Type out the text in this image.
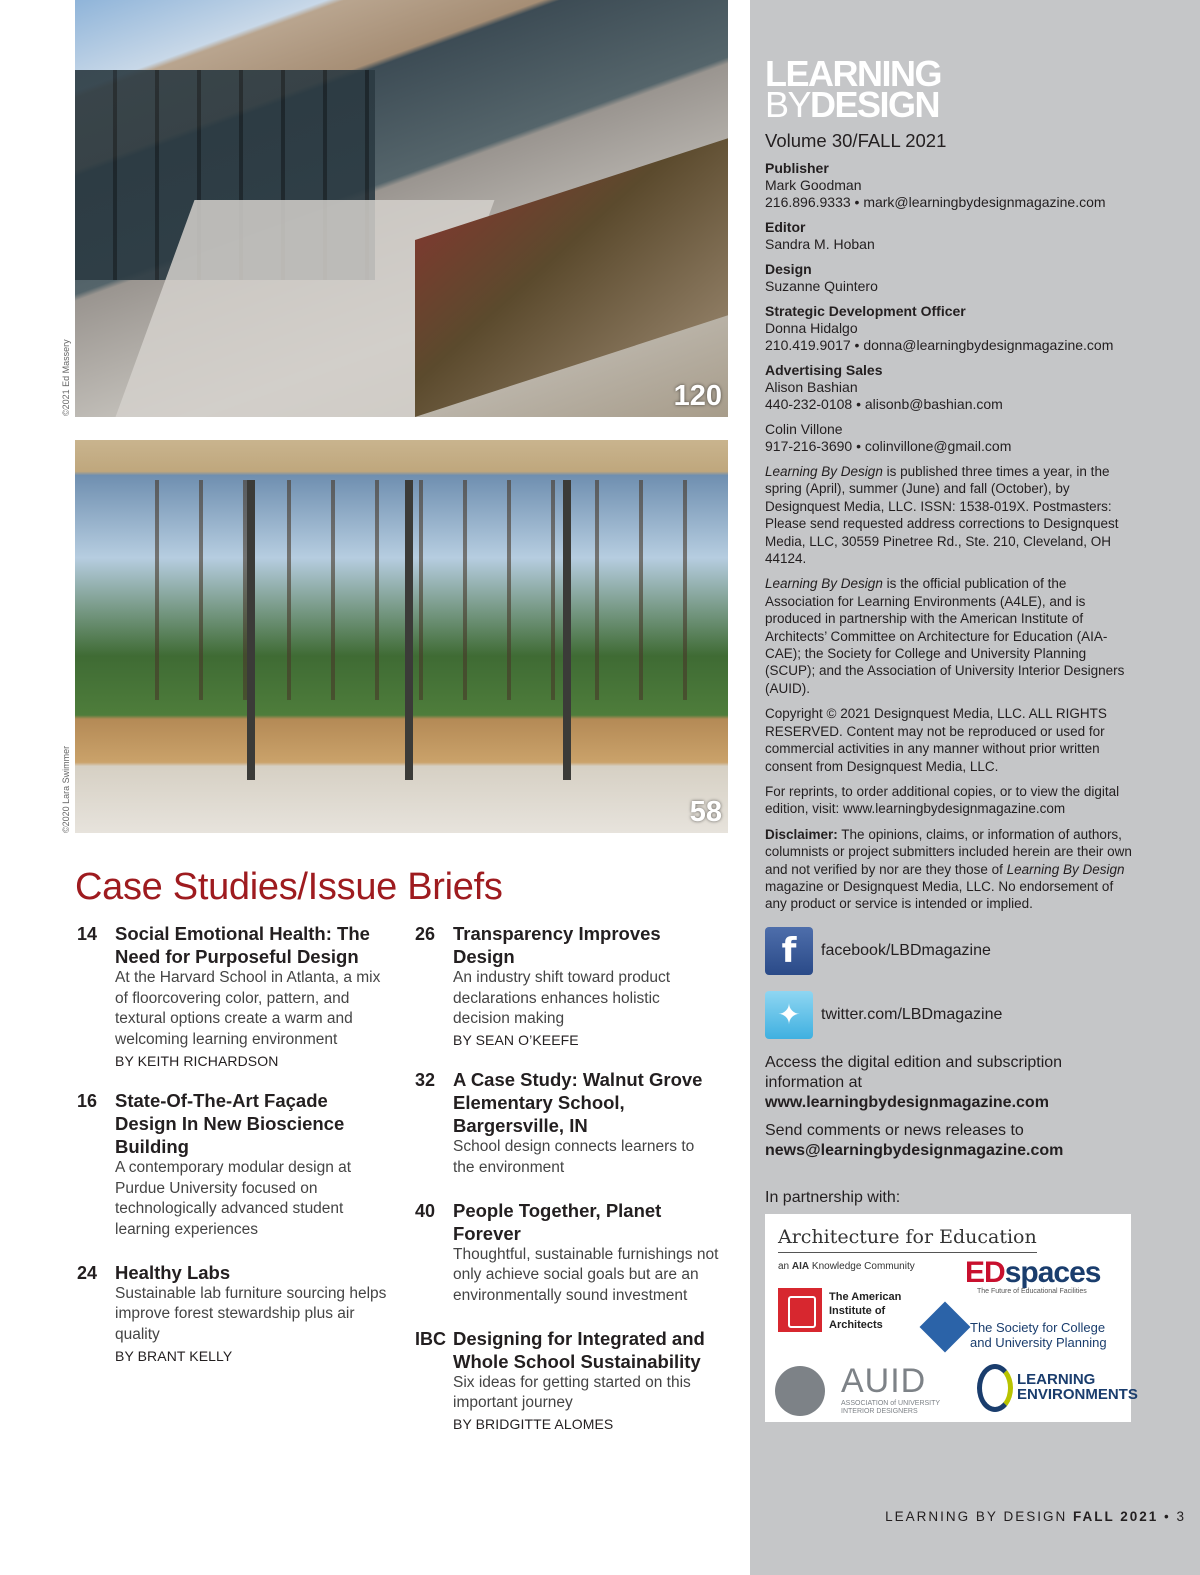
120
©2021 Ed Massery
58
©2020 Lara Swimmer
Case Studies/Issue Briefs
14 Social Emotional Health: The Need for Purposeful Design
At the Harvard School in Atlanta, a mix of floorcovering color, pattern, and textural options create a warm and welcoming learning environment
BY KEITH RICHARDSON
16 State-Of-The-Art Façade Design In New Bioscience Building
A contemporary modular design at Purdue University focused on technologically advanced student learning experiences
24 Healthy Labs
Sustainable lab furniture sourcing helps improve forest stewardship plus air quality
BY BRANT KELLY
26 Transparency Improves Design
An industry shift toward product declarations enhances holistic decision making
BY SEAN O’KEEFE
32 A Case Study: Walnut Grove Elementary School, Bargersville, IN
School design connects learners to the environment
40 People Together, Planet Forever
Thoughtful, sustainable furnishings not only achieve social goals but are an environmentally sound investment
IBC Designing for Integrated and Whole School Sustainability
Six ideas for getting started on this important journey
BY BRIDGITTE ALOMES
LEARNING
BYDESIGN
Volume 30/FALL 2021
Publisher
Mark Goodman
216.896.9333 • mark@learningbydesignmagazine.com
Editor
Sandra M. Hoban
Design
Suzanne Quintero
Strategic Development Officer
Donna Hidalgo
210.419.9017 • donna@learningbydesignmagazine.com
Advertising Sales
Alison Bashian
440-232-0108 • alisonb@bashian.com
Colin Villone
917-216-3690 • colinvillone@gmail.com
Learning By Design is published three times a year, in the spring (April), summer (June) and fall (October), by Designquest Media, LLC. ISSN: 1538-019X. Postmasters: Please send requested address corrections to Designquest Media, LLC, 30559 Pinetree Rd., Ste. 210, Cleveland, OH 44124.
Learning By Design is the official publication of the Association for Learning Environments (A4LE), and is produced in partnership with the American Institute of Architects’ Committee on Architecture for Education (AIA-CAE); the Society for College and University Planning (SCUP); and the Association of University Interior Designers (AUID).
Copyright © 2021 Designquest Media, LLC. ALL RIGHTS RESERVED. Content may not be reproduced or used for commercial activities in any manner without prior written consent from Designquest Media, LLC.
For reprints, to order additional copies, or to view the digital edition, visit: www.learningbydesignmagazine.com
Disclaimer: The opinions, claims, or information of authors, columnists or project submitters included herein are their own and not verified by nor are they those of Learning By Design magazine or Designquest Media, LLC. No endorsement of any product or service is intended or implied.
f	facebook/LBDmagazine
✦	twitter.com/LBDmagazine
Access the digital edition and subscription information at
www.learningbydesignmagazine.com
Send comments or news releases to
news@learningbydesignmagazine.com
In partnership with:
Architecture for Education
an AIA Knowledge Community EDspaces
The Future of Educational Facilities
The American Institute of Architects	The Society for College and University Planning
AUID
ASSOCIATION of UNIVERSITY INTERIOR DESIGNERS
LEARNING ENVIRONMENTS
LEARNING BY DESIGN FALL 2021 • 3
